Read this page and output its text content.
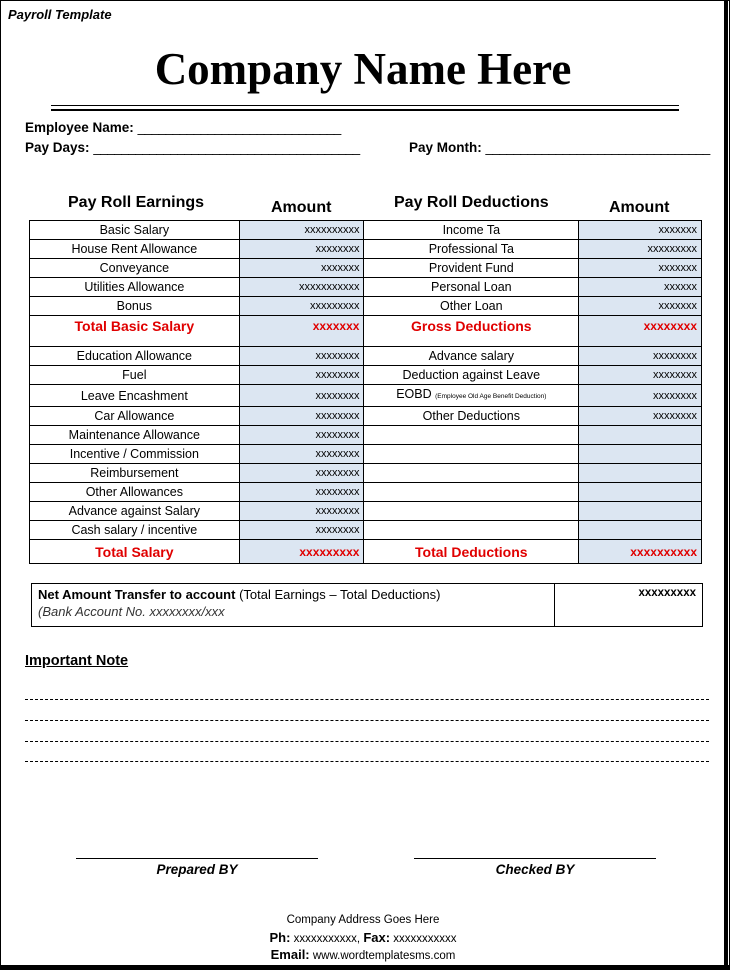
Payroll Template
Company Name Here
Employee Name: _____________________________
Pay Days: ______________________________________	Pay Month: ________________________________
Pay Roll Earnings	Amount	Pay Roll Deductions	Amount
Basic Salary	xxxxxxxxxx	Income Ta	xxxxxxx
House Rent Allowance	xxxxxxxx	Professional Ta	xxxxxxxxx
Conveyance	xxxxxxx	Provident Fund	xxxxxxx
Utilities Allowance	xxxxxxxxxxx	Personal Loan	xxxxxx
Bonus	xxxxxxxxx	Other Loan	xxxxxxx
Total Basic Salary	xxxxxxx	Gross Deductions	xxxxxxxx
Education Allowance	xxxxxxxx	Advance salary	xxxxxxxx
Fuel	xxxxxxxx	Deduction against Leave	xxxxxxxx
Leave Encashment	xxxxxxxx	EOBD (Employee Old Age Benefit Deduction)	xxxxxxxx
Car Allowance	xxxxxxxx	Other Deductions	xxxxxxxx
Maintenance Allowance	xxxxxxxx		
Incentive / Commission	xxxxxxxx		
Reimbursement	xxxxxxxx		
Other Allowances	xxxxxxxx		
Advance against Salary	xxxxxxxx		
Cash salary / incentive	xxxxxxxx		
Total Salary	xxxxxxxxx	Total Deductions	xxxxxxxxxx
Net Amount Transfer to account (Total Earnings – Total Deductions)
(Bank Account No. xxxxxxxx/xxx
	xxxxxxxxx
Important Note
Prepared BY	Checked BY
Company Address Goes Here
Ph: xxxxxxxxxxx, Fax: xxxxxxxxxxx
Email: www.wordtemplatesms.com
